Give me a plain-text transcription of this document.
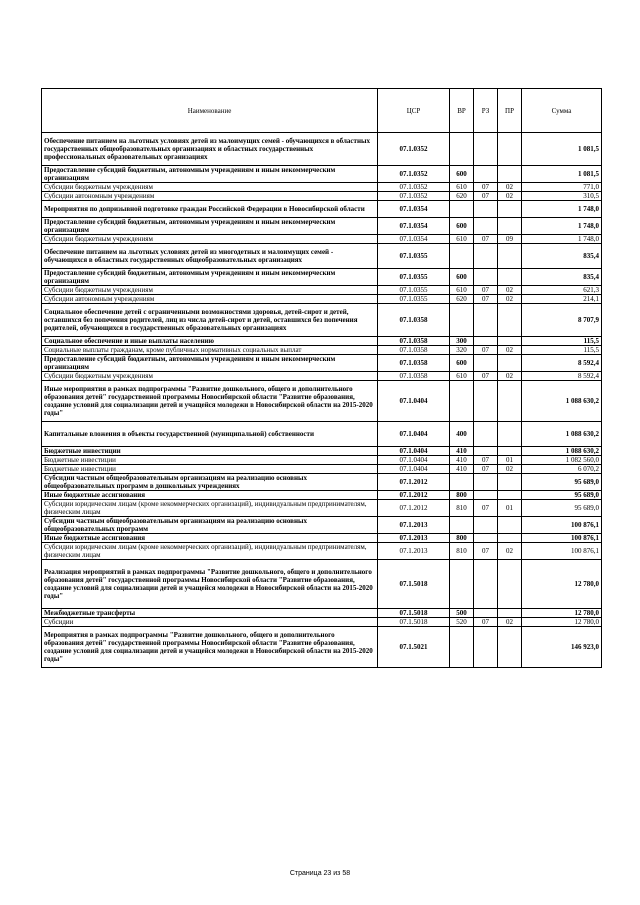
Наименование	ЦСР	ВР	РЗ	ПР	Сумма
Обеспечение питанием на льготных условиях детей из малоимущих семей - обучающихся в областных государственных общеобразовательных организациях и областных государственных профессиональных образовательных организациях	07.1.0352				1 081,5
Предоставление субсидий бюджетным, автономным учреждениям и иным некоммерческим организациям	07.1.0352	600			1 081,5
Субсидии бюджетным учреждениям	07.1.0352	610	07	02	771,0
Субсидии автономным учреждениям	07.1.0352	620	07	02	310,5
Мероприятия по допризывной подготовке граждан Российской Федерации в Новосибирской области	07.1.0354				1 748,0
Предоставление субсидий бюджетным, автономным учреждениям и иным некоммерческим организациям	07.1.0354	600			1 748,0
Субсидии бюджетным учреждениям	07.1.0354	610	07	09	1 748,0
Обеспечение питанием на льготных условиях детей из многодетных и малоимущих семей - обучающихся в областных государственных общеобразовательных организациях	07.1.0355				835,4
Предоставление субсидий бюджетным, автономным учреждениям и иным некоммерческим организациям	07.1.0355	600			835,4
Субсидии бюджетным учреждениям	07.1.0355	610	07	02	621,3
Субсидии автономным учреждениям	07.1.0355	620	07	02	214,1
Социальное обеспечение детей с ограниченными возможностями здоровья, детей-сирот и детей, оставшихся без попечения родителей, лиц из числа детей-сирот и детей, оставшихся без попечения родителей, обучающихся в государственных образовательных организациях	07.1.0358				8 707,9
Социальное обеспечение и иные выплаты населению	07.1.0358	300			115,5
Социальные выплаты гражданам, кроме публичных нормативных социальных выплат	07.1.0358	320	07	02	115,5
Предоставление субсидий бюджетным, автономным учреждениям и иным некоммерческим организациям	07.1.0358	600			8 592,4
Субсидии бюджетным учреждениям	07.1.0358	610	07	02	8 592,4
Иные мероприятия в рамках подпрограммы "Развитие дошкольного, общего и дополнительного образования детей" государственной программы Новосибирской области "Развитие образования, создание условий для социализации детей и учащейся молодежи в Новосибирской области на 2015-2020 годы"	07.1.0404				1 088 630,2
Капитальные вложения в объекты государственной (муниципальной) собственности	07.1.0404	400			1 088 630,2
Бюджетные инвестиции	07.1.0404	410			1 088 630,2
Бюджетные инвестиции	07.1.0404	410	07	01	1 082 560,0
Бюджетные инвестиции	07.1.0404	410	07	02	6 070,2
Субсидии частным общеобразовательным организациям на реализацию основных общеобразовательных программ в дошкольных учреждениях	07.1.2012				95 689,0
Иные бюджетные ассигнования	07.1.2012	800			95 689,0
Субсидии юридическим лицам (кроме некоммерческих организаций), индивидуальным предпринимателям, физическим лицам	07.1.2012	810	07	01	95 689,0
Субсидии частным общеобразовательным организациям на реализацию основных общеобразовательных программ	07.1.2013				100 876,1
Иные бюджетные ассигнования	07.1.2013	800			100 876,1
Субсидии юридическим лицам (кроме некоммерческих организаций), индивидуальным предпринимателям, физическим лицам	07.1.2013	810	07	02	100 876,1
Реализация мероприятий в рамках подпрограммы "Развитие дошкольного, общего и дополнительного образования детей" государственной программы Новосибирской области "Развитие образования, создание условий для социализации детей и учащейся молодежи в Новосибирской области на 2015-2020 годы"	07.1.5018				12 780,0
Межбюджетные трансферты	07.1.5018	500			12 780,0
Субсидии	07.1.5018	520	07	02	12 780,0
Мероприятия в рамках подпрограммы "Развитие дошкольного, общего и дополнительного образования детей" государственной программы Новосибирской области "Развитие образования, создание условий для социализации детей и учащейся молодежи в Новосибирской области на 2015-2020 годы"	07.1.5021				146 923,0
Страница 23 из 58
